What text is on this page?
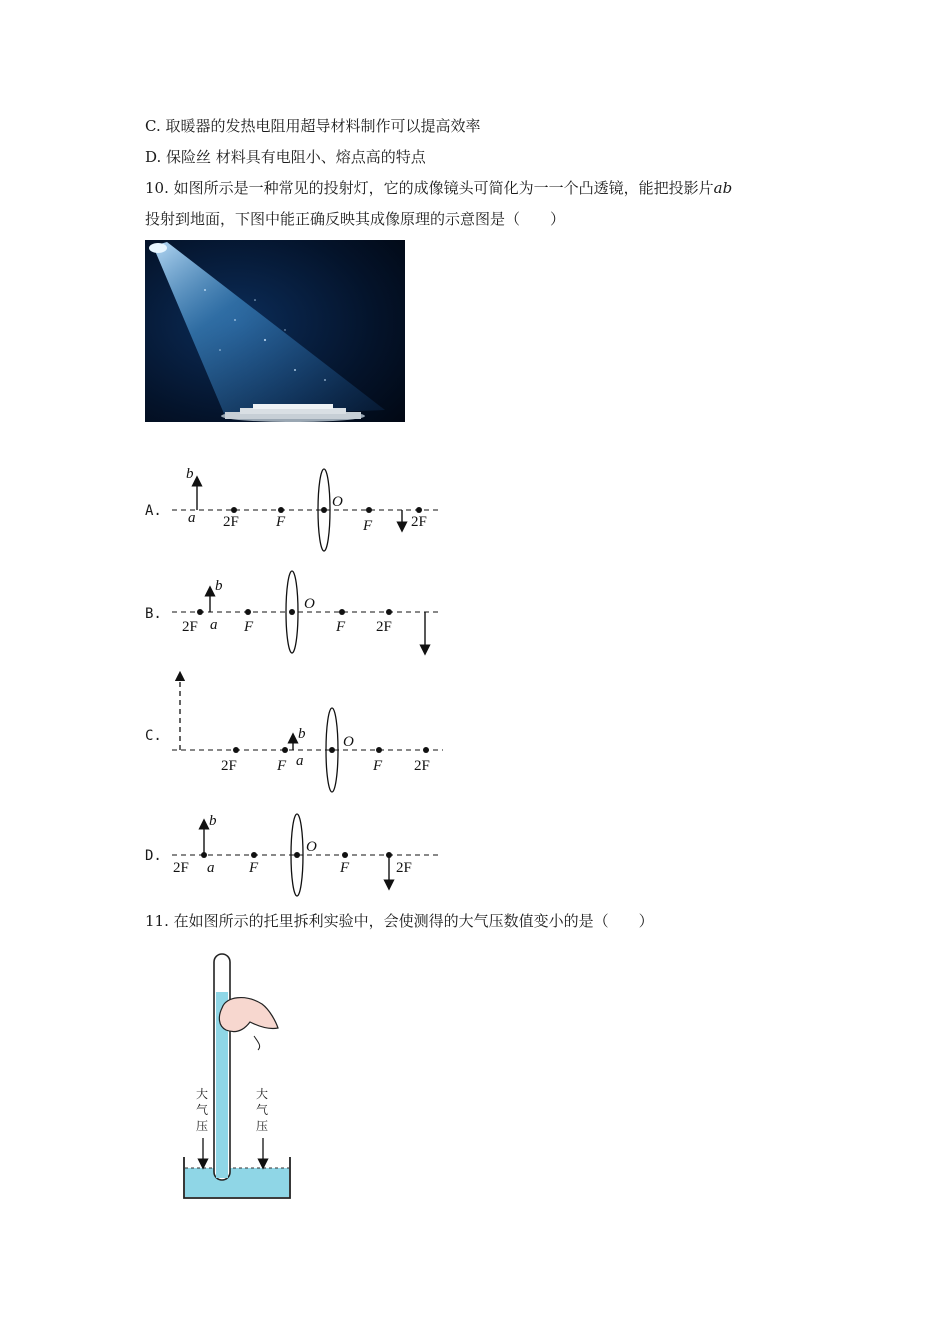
C. 取暖器的发热电阻用超导材料制作可以提高效率
D. 保险丝 材料具有电阻小、熔点高的特点
10. 如图所示是一种常见的投射灯，它的成像镜头可简化为一一个凸透镜，能把投影片ab
投射到地面，下图中能正确反映其成像原理的示意图是（　　）
A.
B.
C.
D.
b
a 2F F
O
F	2F
b
2F a F
O
F 2F
b
2F	F a
O
F 2F
b
2F a F
O
F	2F
11. 在如图所示的托里拆利实验中，会使测得的大气压数值变小的是（　　）
大气压
大气压
